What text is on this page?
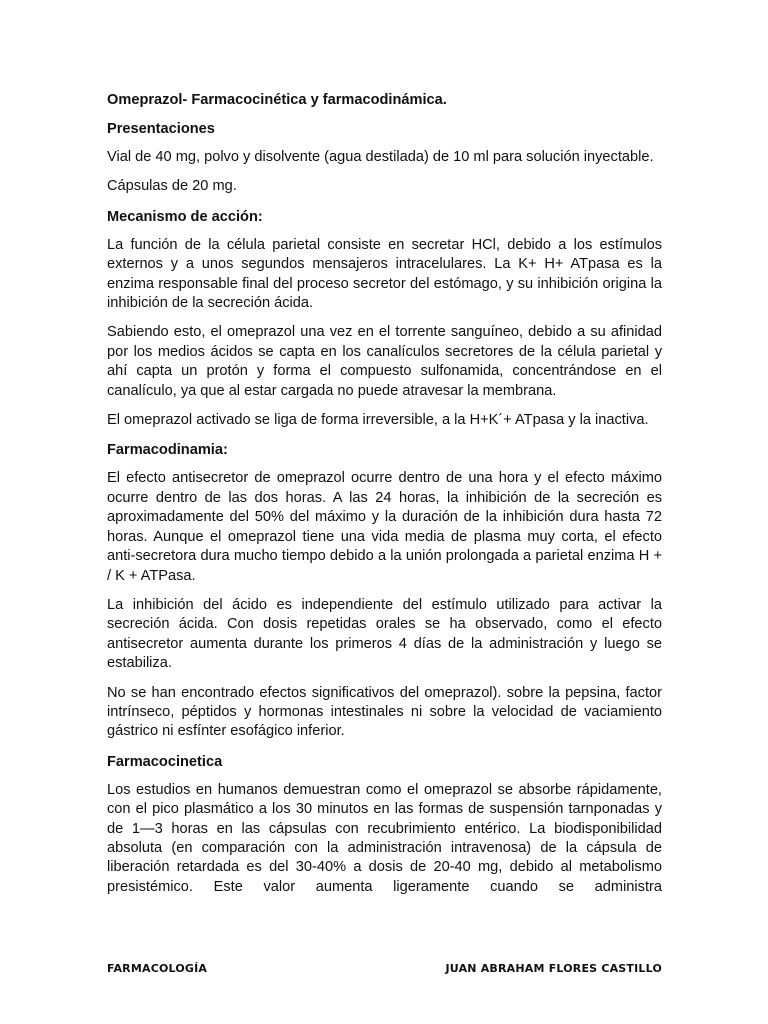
Omeprazol- Farmacocinética y farmacodinámica.
Presentaciones

Vial de 40 mg, polvo y disolvente (agua destilada) de 10 ml para solución inyectable.

Cápsulas de 20 mg.

Mecanismo de acción:

La función de la célula parietal consiste en secretar HCl, debido a los estímulos externos y a unos segundos mensajeros intracelulares. La K+ H+ ATpasa es la enzima responsable final del proceso secretor del estómago, y su inhibición origina la inhibición de la secreción ácida.

Sabiendo esto, el omeprazol una vez en el torrente sanguíneo, debido a su afinidad por los medios ácidos se capta en los canalículos secretores de la célula parietal y ahí capta un protón y forma el compuesto sulfonamida, concentrándose en el canalículo, ya que al estar cargada no puede atravesar la membrana.

El omeprazol activado se liga de forma irreversible, a la H+K´+ ATpasa y la inactiva.

Farmacodinamia:

El efecto antisecretor de omeprazol ocurre dentro de una hora y el efecto máximo ocurre dentro de las dos horas. A las 24 horas, la inhibición de la secreción es aproximadamente del 50% del máximo y la duración de la inhibición dura hasta 72 horas. Aunque el omeprazol tiene una vida media de plasma muy corta, el efecto anti-secretora dura mucho tiempo debido a la unión prolongada a parietal enzima H + / K + ATPasa.

La inhibición del ácido es independiente del estímulo utilizado para activar la secreción ácida. Con dosis repetidas orales se ha observado, como el efecto antisecretor aumenta durante los primeros 4 días de la administración y luego se estabiliza.

No se han encontrado efectos significativos del omeprazol). sobre la pepsina, factor intrínseco, péptidos y hormonas intestinales ni sobre la velocidad de vaciamiento gástrico ni esfínter esofágico inferior.

Farmacocinetica

Los estudios en humanos demuestran como el omeprazol se absorbe rápidamente, con el pico plasmático a los 30 minutos en las formas de suspensión tarnponadas y de 1—3 horas en las cápsulas con recubrimiento entérico. La biodisponibilidad absoluta (en comparación con la administración intravenosa) de la cápsula de liberación retardada es del 30-40% a dosis de 20-40 mg, debido al metabolismo presistémico. Este valor aumenta ligeramente cuando se administra

FARMACOLOGÍA	JUAN ABRAHAM FLORES CASTILLO
